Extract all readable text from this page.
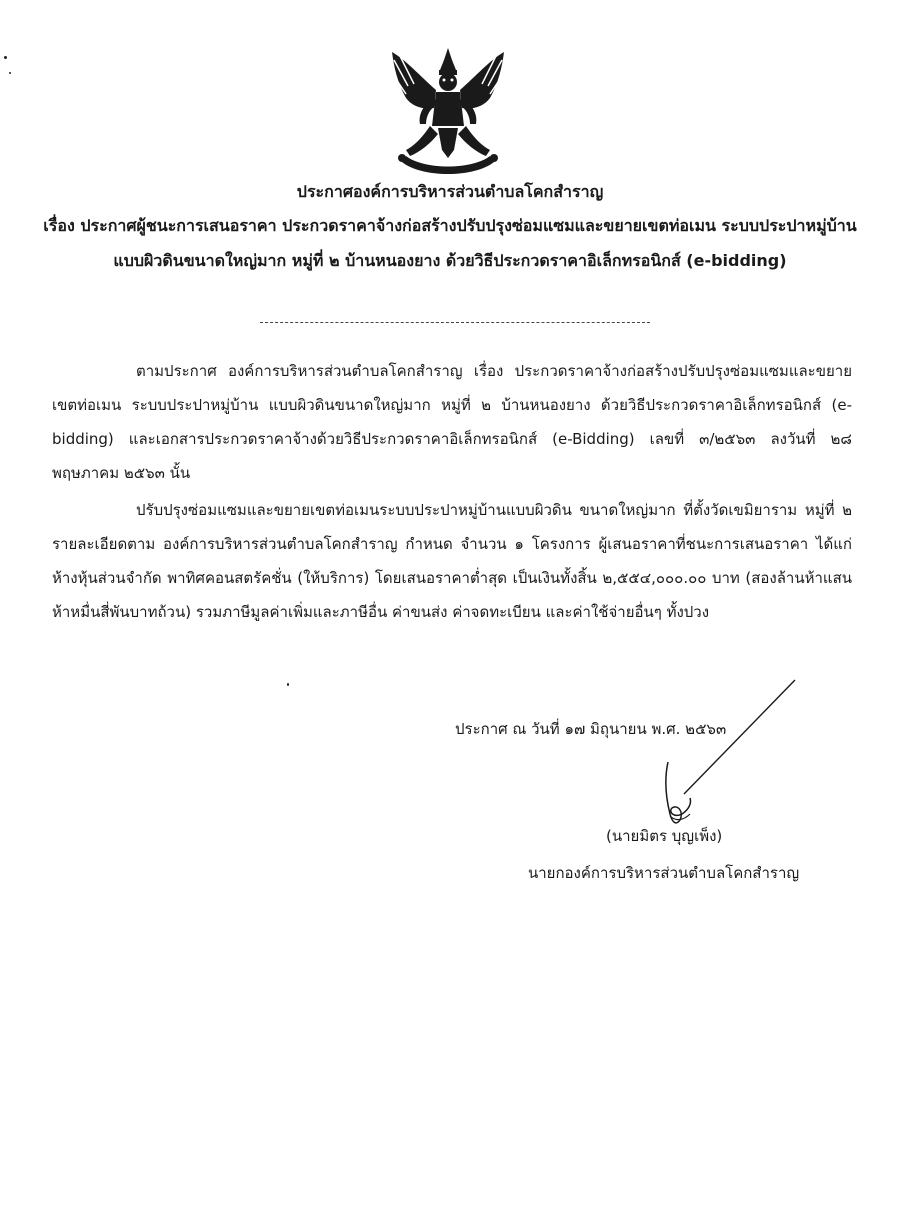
ประกาศองค์การบริหารส่วนตำบลโคกสำราญ
เรื่อง ประกาศผู้ชนะการเสนอราคา ประกวดราคาจ้างก่อสร้างปรับปรุงซ่อมแซมและขยายเขตท่อเมน ระบบประปาหมู่บ้าน แบบผิวดินขนาดใหญ่มาก หมู่ที่ ๒ บ้านหนองยาง ด้วยวิธีประกวดราคาอิเล็กทรอนิกส์ (e-bidding)

ตามประกาศ องค์การบริหารส่วนตำบลโคกสำราญ เรื่อง ประกวดราคาจ้างก่อสร้างปรับปรุงซ่อมแซมและขยายเขตท่อเมน ระบบประปาหมู่บ้าน แบบผิวดินขนาดใหญ่มาก หมู่ที่ ๒ บ้านหนองยาง ด้วยวิธีประกวดราคาอิเล็กทรอนิกส์ (e-bidding) และเอกสารประกวดราคาจ้างด้วยวิธีประกวดราคาอิเล็กทรอนิกส์ (e-Bidding) เลขที่ ๓/๒๕๖๓ ลงวันที่ ๒๘ พฤษภาคม ๒๕๖๓ นั้น

ปรับปรุงซ่อมแซมและขยายเขตท่อเมนระบบประปาหมู่บ้านแบบผิวดิน ขนาดใหญ่มาก ที่ตั้งวัดเขมิยาราม หมู่ที่ ๒ รายละเอียดตาม องค์การบริหารส่วนตำบลโคกสำราญ กำหนด จำนวน ๑ โครงการ ผู้เสนอราคาที่ชนะการเสนอราคา ได้แก่ ห้างหุ้นส่วนจำกัด พาทิศคอนสตรัคชั่น (ให้บริการ) โดยเสนอราคาต่ำสุด เป็นเงินทั้งสิ้น ๒,๕๕๔,๐๐๐.๐๐ บาท (สองล้านห้าแสนห้าหมื่นสี่พันบาทถ้วน) รวมภาษีมูลค่าเพิ่มและภาษีอื่น ค่าขนส่ง ค่าจดทะเบียน และค่าใช้จ่ายอื่นๆ ทั้งปวง

ประกาศ ณ วันที่ ๑๗ มิถุนายน พ.ศ. ๒๕๖๓
(นายมิตร บุญเพ็ง)
นายกองค์การบริหารส่วนตำบลโคกสำราญ
